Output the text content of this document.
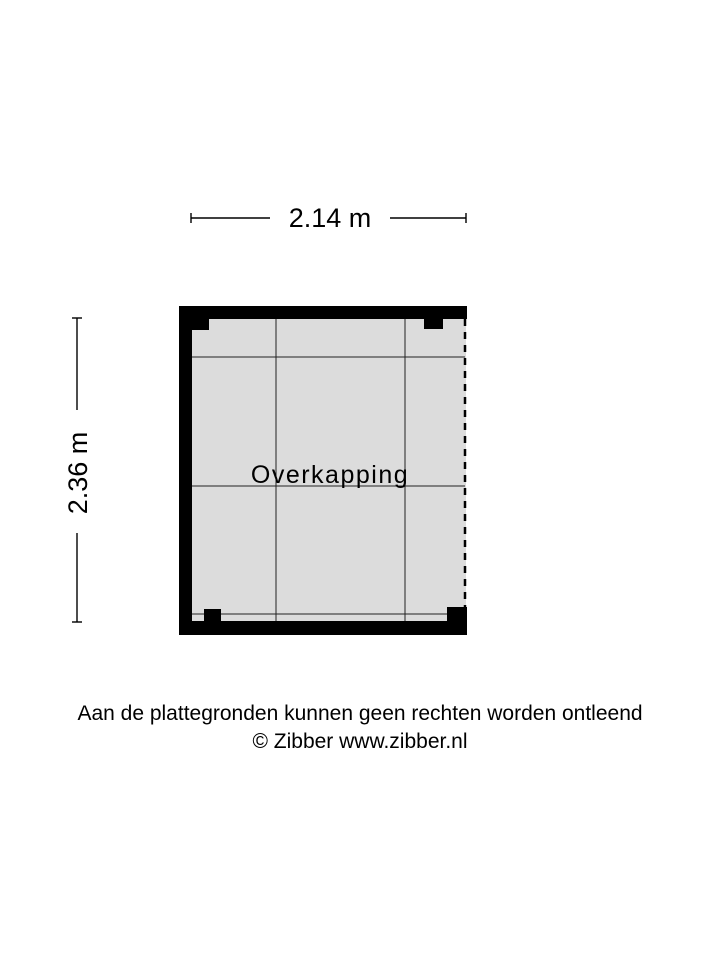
2.14 m
2.36 m	Overkapping
Aan de plattegronden kunnen geen rechten worden ontleend
© Zibber www.zibber.nl
